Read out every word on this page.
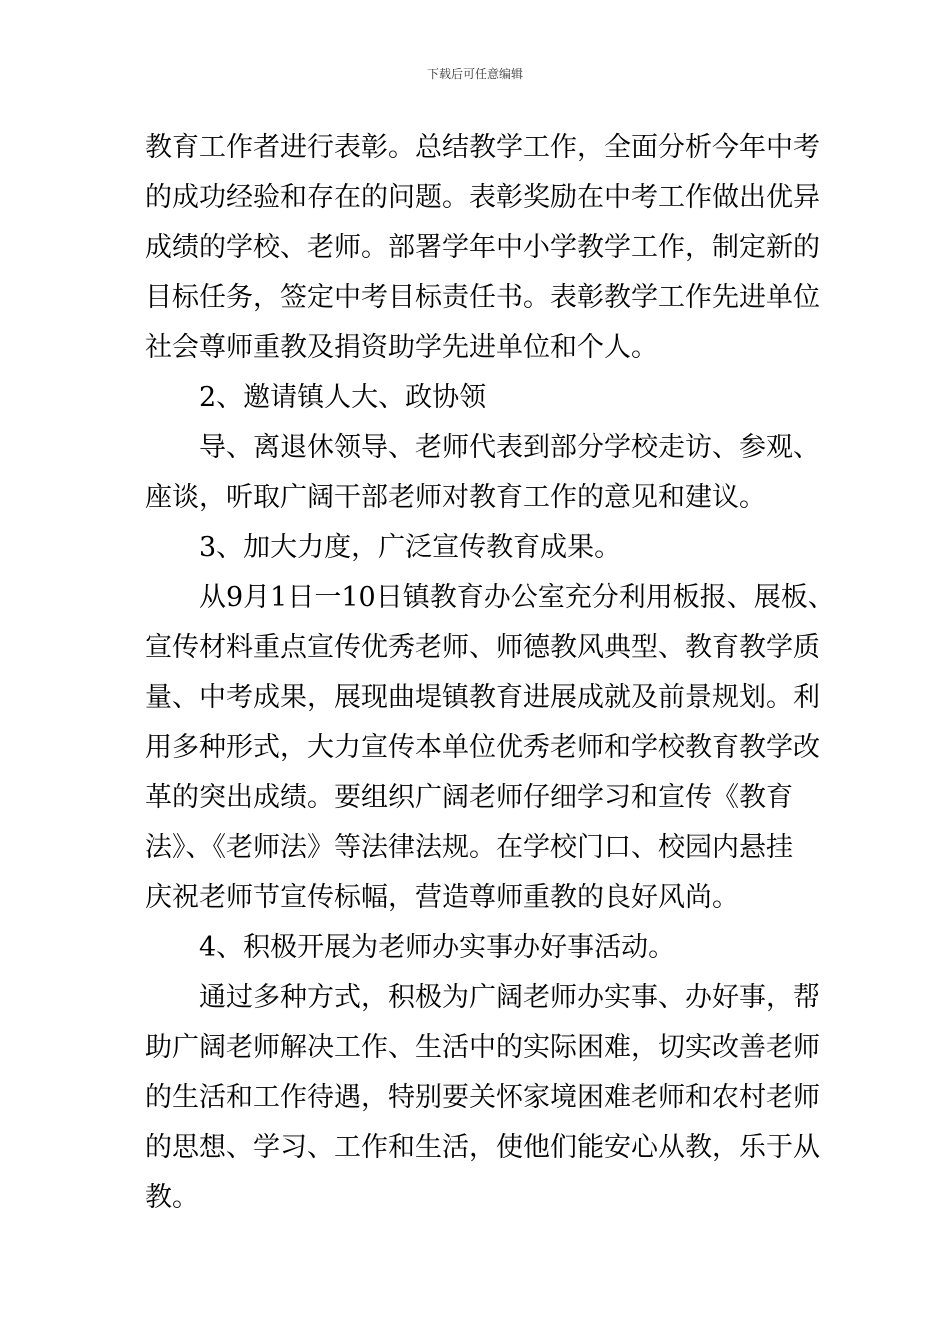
下载后可任意编辑
教育工作者进行表彰。总结教学工作，全面分析今年中考
的成功经验和存在的问题。表彰奖励在中考工作做出优异
成绩的学校、老师。部署学年中小学教学工作，制定新的
目标任务，签定中考目标责任书。表彰教学工作先进单位
社会尊师重教及捐资助学先进单位和个人。
2、邀请镇人大、政协领
导、离退休领导、老师代表到部分学校走访、参观、
座谈，听取广阔干部老师对教育工作的意见和建议。
3、加大力度，广泛宣传教育成果。
从9月1日一10日镇教育办公室充分利用板报、展板、
宣传材料重点宣传优秀老师、师德教风典型、教育教学质
量、中考成果，展现曲堤镇教育进展成就及前景规划。利
用多种形式，大力宣传本单位优秀老师和学校教育教学改
革的突出成绩。要组织广阔老师仔细学习和宣传《教育
法》、《老师法》等法律法规。在学校门口、校园内悬挂
庆祝老师节宣传标幅，营造尊师重教的良好风尚。
4、积极开展为老师办实事办好事活动。
通过多种方式，积极为广阔老师办实事、办好事，帮
助广阔老师解决工作、生活中的实际困难，切实改善老师
的生活和工作待遇，特别要关怀家境困难老师和农村老师
的思想、学习、工作和生活，使他们能安心从教，乐于从
教。
